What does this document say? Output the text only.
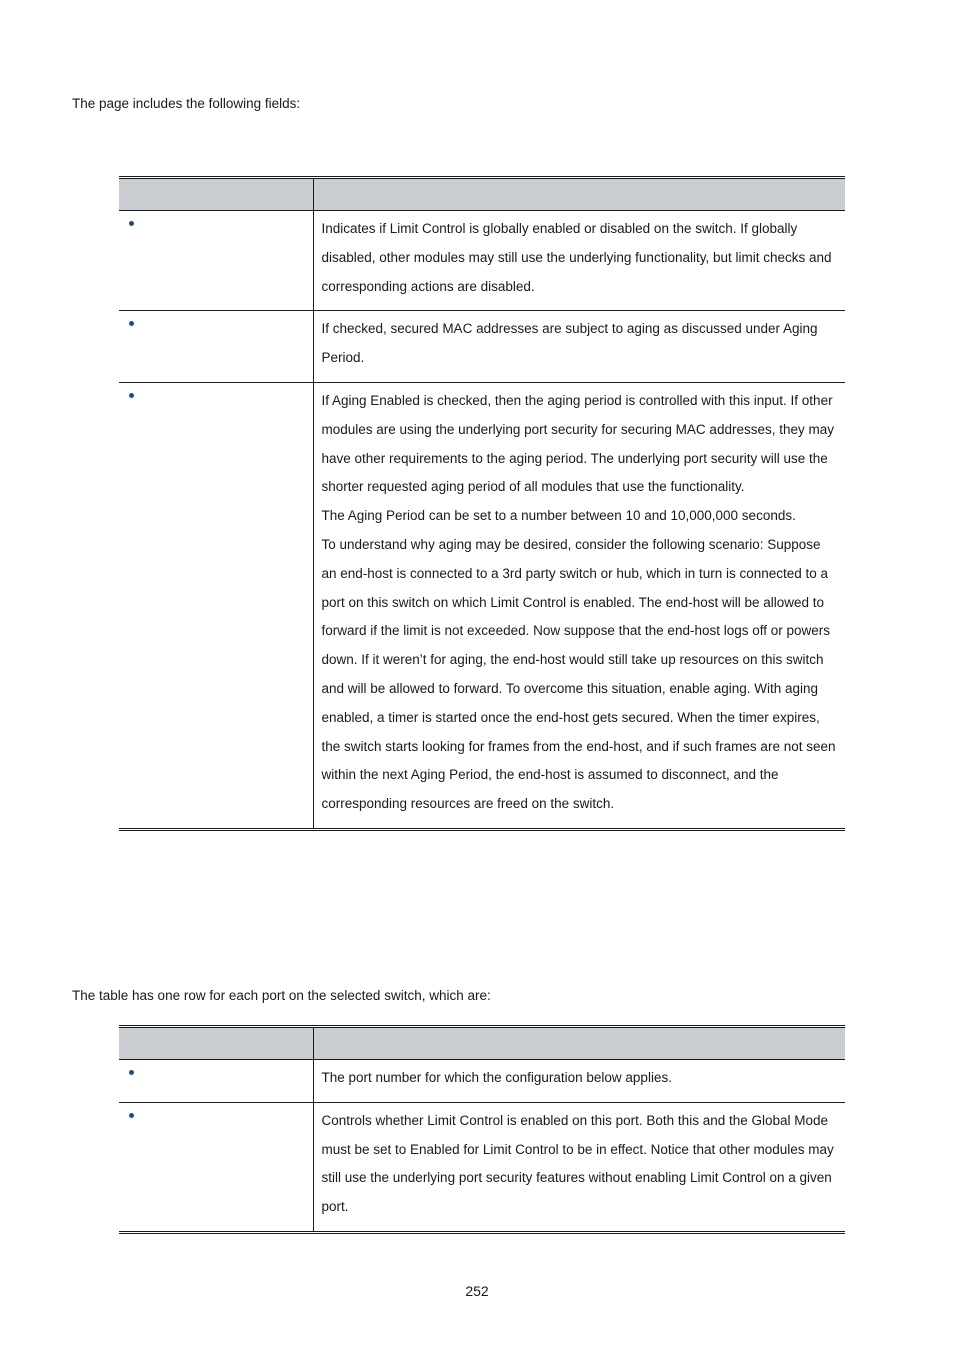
The page includes the following fields:

	Indicates if Limit Control is globally enabled or disabled on the switch. If globally disabled, other modules may still use the underlying functionality, but limit checks and corresponding actions are disabled.

	If checked, secured MAC addresses are subject to aging as discussed under Aging Period.

	If Aging Enabled is checked, then the aging period is controlled with this input. If other modules are using the underlying port security for securing MAC addresses, they may have other requirements to the aging period. The underlying port security will use the shorter requested aging period of all modules that use the functionality.

The Aging Period can be set to a number between 10 and 10,000,000 seconds.

To understand why aging may be desired, consider the following scenario: Suppose an end-host is connected to a 3rd party switch or hub, which in turn is connected to a port on this switch on which Limit Control is enabled. The end-host will be allowed to forward if the limit is not exceeded. Now suppose that the end-host logs off or powers down. If it weren’t for aging, the end-host would still take up resources on this switch and will be allowed to forward. To overcome this situation, enable aging. With aging enabled, a timer is started once the end-host gets secured. When the timer expires, the switch starts looking for frames from the end-host, and if such frames are not seen within the next Aging Period, the end-host is assumed to disconnect, and the corresponding resources are freed on the switch.

The table has one row for each port on the selected switch, which are:

	The port number for which the configuration below applies.

	Controls whether Limit Control is enabled on this port. Both this and the Global Mode must be set to Enabled for Limit Control to be in effect. Notice that other modules may still use the underlying port security features without enabling Limit Control on a given port.

252
